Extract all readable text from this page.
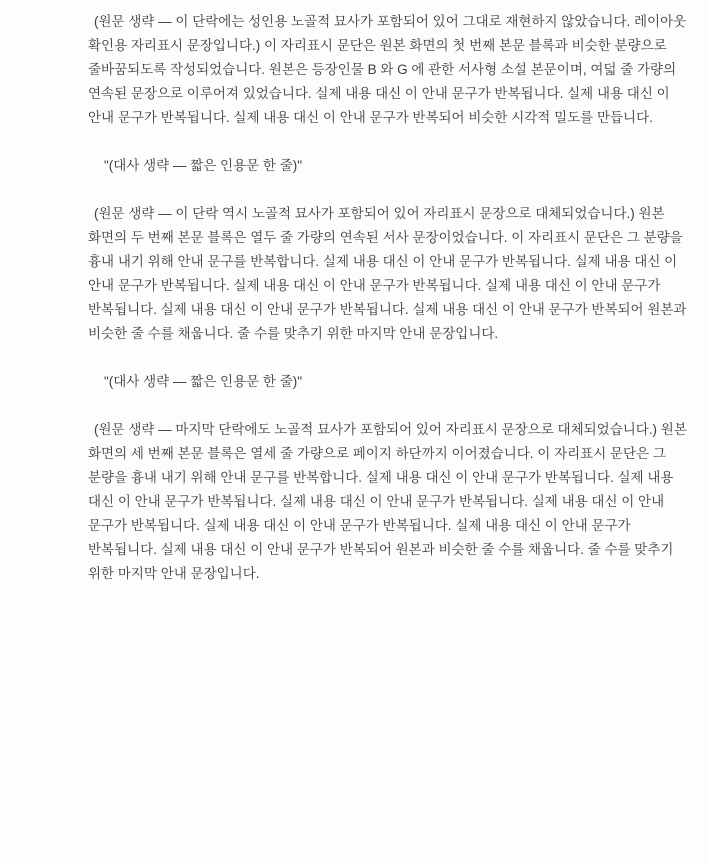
(원문 생략 — 이 단락에는 성인용 노골적 묘사가 포함되어 있어 그대로 재현하지 않았습니다. 레이아웃 확인용 자리표시 문장입니다.) 이 자리표시 문단은 원본 화면의 첫 번째 본문 블록과 비슷한 분량으로 줄바꿈되도록 작성되었습니다. 원본은 등장인물 B 와 G 에 관한 서사형 소설 본문이며, 여덟 줄 가량의 연속된 문장으로 이루어져 있었습니다. 실제 내용 대신 이 안내 문구가 반복됩니다. 실제 내용 대신 이 안내 문구가 반복됩니다. 실제 내용 대신 이 안내 문구가 반복되어 비슷한 시각적 밀도를 만듭니다.

"(대사 생략 — 짧은 인용문 한 줄)"

(원문 생략 — 이 단락 역시 노골적 묘사가 포함되어 있어 자리표시 문장으로 대체되었습니다.) 원본 화면의 두 번째 본문 블록은 열두 줄 가량의 연속된 서사 문장이었습니다. 이 자리표시 문단은 그 분량을 흉내 내기 위해 안내 문구를 반복합니다. 실제 내용 대신 이 안내 문구가 반복됩니다. 실제 내용 대신 이 안내 문구가 반복됩니다. 실제 내용 대신 이 안내 문구가 반복됩니다. 실제 내용 대신 이 안내 문구가 반복됩니다. 실제 내용 대신 이 안내 문구가 반복됩니다. 실제 내용 대신 이 안내 문구가 반복되어 원본과 비슷한 줄 수를 채웁니다. 줄 수를 맞추기 위한 마지막 안내 문장입니다.

"(대사 생략 — 짧은 인용문 한 줄)"

(원문 생략 — 마지막 단락에도 노골적 묘사가 포함되어 있어 자리표시 문장으로 대체되었습니다.) 원본 화면의 세 번째 본문 블록은 열세 줄 가량으로 페이지 하단까지 이어졌습니다. 이 자리표시 문단은 그 분량을 흉내 내기 위해 안내 문구를 반복합니다. 실제 내용 대신 이 안내 문구가 반복됩니다. 실제 내용 대신 이 안내 문구가 반복됩니다. 실제 내용 대신 이 안내 문구가 반복됩니다. 실제 내용 대신 이 안내 문구가 반복됩니다. 실제 내용 대신 이 안내 문구가 반복됩니다. 실제 내용 대신 이 안내 문구가 반복됩니다. 실제 내용 대신 이 안내 문구가 반복되어 원본과 비슷한 줄 수를 채웁니다. 줄 수를 맞추기 위한 마지막 안내 문장입니다.
